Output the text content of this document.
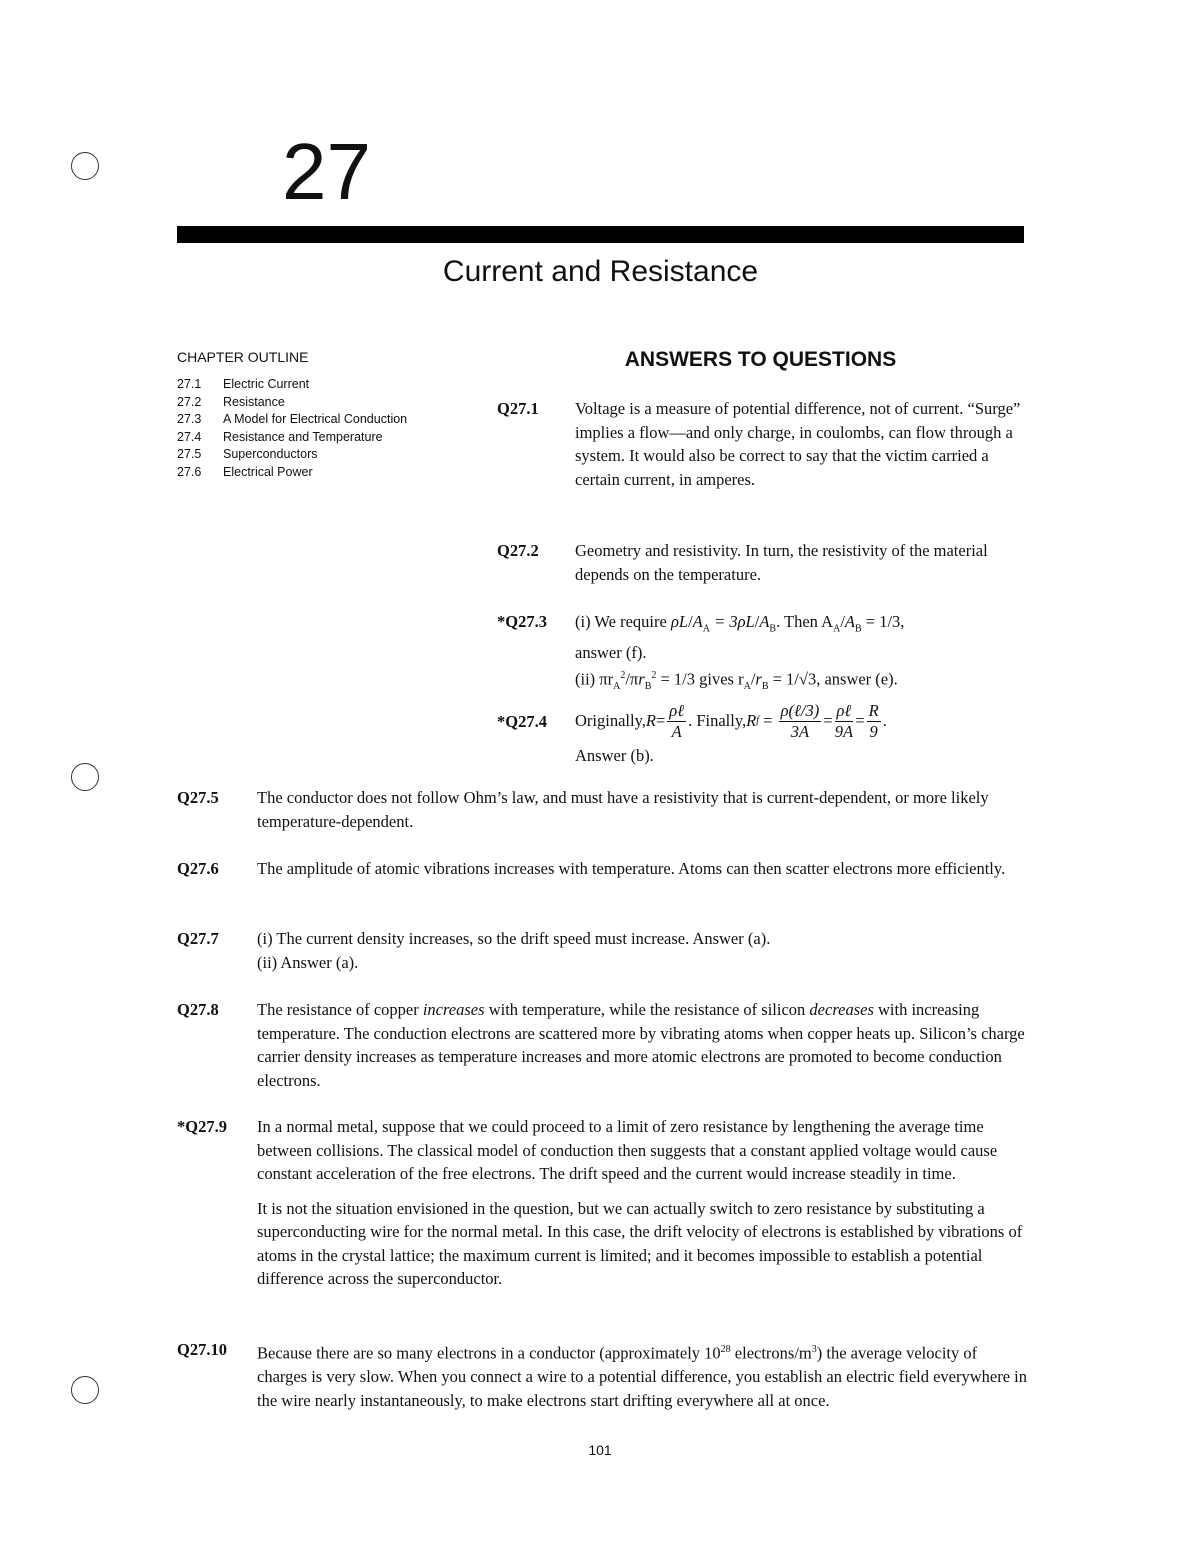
27
Current and Resistance
CHAPTER OUTLINE
27.1	Electric Current
27.2	Resistance
27.3	A Model for Electrical Conduction
27.4	Resistance and Temperature
27.5	Superconductors
27.6	Electrical Power
ANSWERS TO QUESTIONS
Q27.1 Voltage is a measure of potential difference, not of current. “Surge” implies a flow—and only charge, in coulombs, can flow through a system. It would also be correct to say that the victim carried a certain current, in amperes.
Q27.2 Geometry and resistivity. In turn, the resistivity of the material depends on the temperature.
*Q27.3 (i) We require $\rho L/A_A = 3\rho L/A_B$. Then $A_A/A_B = 1/3$,

answer (f).

(ii) $\pi r_A^2/\pi r_B^2 = 1/3$ gives $r_A/r_B = 1/√3$, answer (e).

*Q27.4 Originally, $R = \frac{\text{ρℓ}}{A}$ . Finally, R $f = \frac{\text{ρ(ℓ/3)}}{3A} = \frac{\text{ρℓ}}{9A} = \frac{R}{9}$ .

Answer (b).

Q27.5 The conductor does not follow Ohm’s law, and must have a resistivity that is current-dependent, or more likely temperature-dependent.
Q27.6 The amplitude of atomic vibrations increases with temperature. Atoms can then scatter electrons more efficiently.
Q27.7 (i) The current density increases, so the drift speed must increase. Answer (a).

(ii) Answer (a).

Q27.8 The resistance of copper increases with temperature, while the resistance of silicon decreases with increasing temperature. The conduction electrons are scattered more by vibrating atoms when copper heats up. Silicon’s charge carrier density increases as temperature increases and more atomic electrons are promoted to become conduction electrons.
*Q27.9 In a normal metal, suppose that we could proceed to a limit of zero resistance by lengthening the average time between collisions. The classical model of conduction then suggests that a constant applied voltage would cause constant acceleration of the free electrons. The drift speed and the current would increase steadily in time.

It is not the situation envisioned in the question, but we can actually switch to zero resistance by substituting a superconducting wire for the normal metal. In this case, the drift velocity of electrons is established by vibrations of atoms in the crystal lattice; the maximum current is limited; and it becomes impossible to establish a potential difference across the superconductor.

Q27.10 Because there are so many electrons in a conductor (approximately $10^{28}$ electrons/$m^3$) the average velocity of charges is very slow. When you connect a wire to a potential difference, you establish an electric field everywhere in the wire nearly instantaneously, to make electrons start drifting everywhere all at once.
101
